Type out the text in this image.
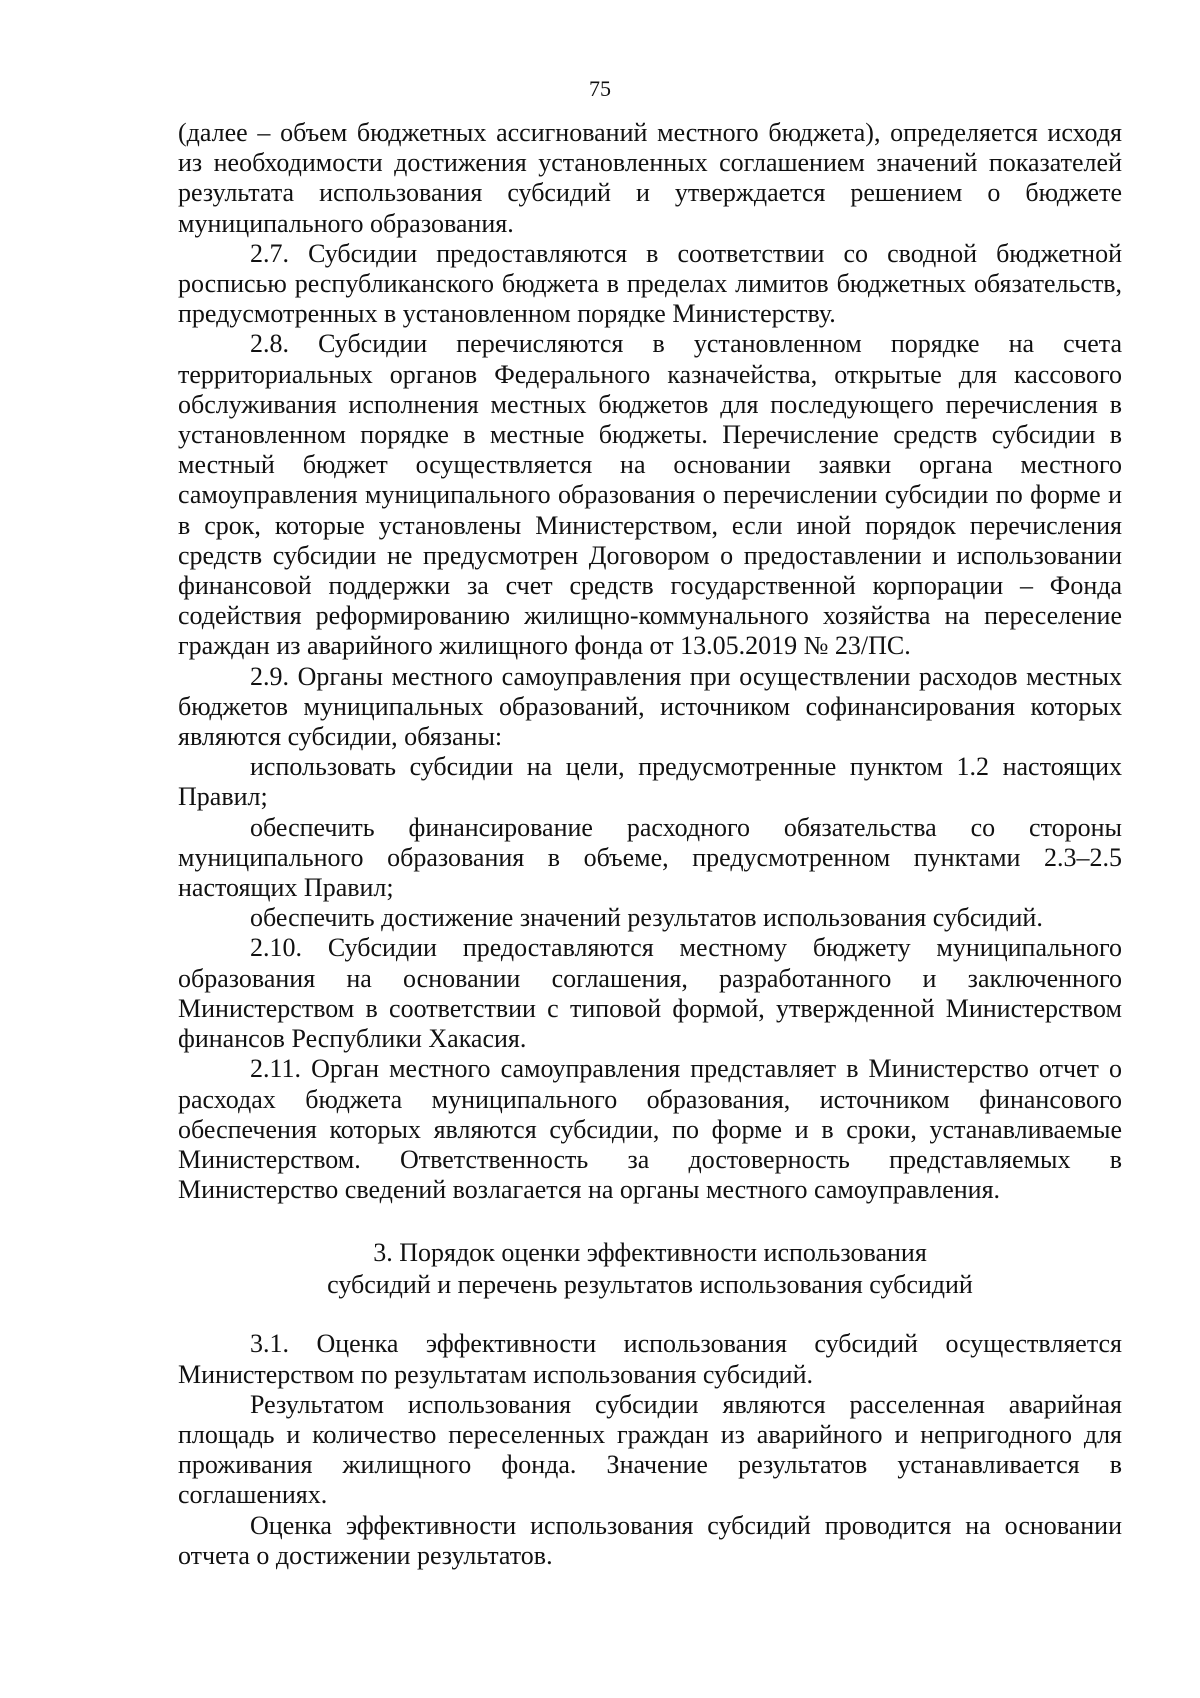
75

(далее – объем бюджетных ассигнований местного бюджета), определяется исходя из необходимости достижения установленных соглашением значений показателей результата использования субсидий и утверждается решением о бюджете муниципального образования.

2.7. Субсидии предоставляются в соответствии со сводной бюджетной росписью республиканского бюджета в пределах лимитов бюджетных обязательств, предусмотренных в установленном порядке Министерству.

2.8. Субсидии перечисляются в установленном порядке на счета территориальных органов Федерального казначейства, открытые для кассового обслуживания исполнения местных бюджетов для последующего перечисления в установленном порядке в местные бюджеты. Перечисление средств субсидии в местный бюджет осуществляется на основании заявки органа местного самоуправления муниципального образования о перечислении субсидии по форме и в срок, которые установлены Министерством, если иной порядок перечисления средств субсидии не предусмотрен Договором о предоставлении и использовании финансовой поддержки за счет средств государственной корпорации – Фонда содействия реформированию жилищно-коммунального хозяйства на переселение граждан из аварийного жилищного фонда от 13.05.2019 № 23/ПС.

2.9. Органы местного самоуправления при осуществлении расходов местных бюджетов муниципальных образований, источником софинансирования которых являются субсидии, обязаны:

использовать субсидии на цели, предусмотренные пунктом 1.2 настоящих Правил;

обеспечить финансирование расходного обязательства со стороны муниципального образования в объеме, предусмотренном пунктами 2.3–2.5 настоящих Правил;

обеспечить достижение значений результатов использования субсидий.

2.10. Субсидии предоставляются местному бюджету муниципального образования на основании соглашения, разработанного и заключенного Министерством в соответствии с типовой формой, утвержденной Министерством финансов Республики Хакасия.

2.11. Орган местного самоуправления представляет в Министерство отчет о расходах бюджета муниципального образования, источником финансового обеспечения которых являются субсидии, по форме и в сроки, устанавливаемые Министерством. Ответственность за достоверность представляемых в Министерство сведений возлагается на органы местного самоуправления.

3. Порядок оценки эффективности использования
субсидий и перечень результатов использования субсидий

3.1. Оценка эффективности использования субсидий осуществляется Министерством по результатам использования субсидий.

Результатом использования субсидии являются расселенная аварийная площадь и количество переселенных граждан из аварийного и непригодного для проживания жилищного фонда. Значение результатов устанавливается в соглашениях.

Оценка эффективности использования субсидий проводится на основании отчета о достижении результатов.
